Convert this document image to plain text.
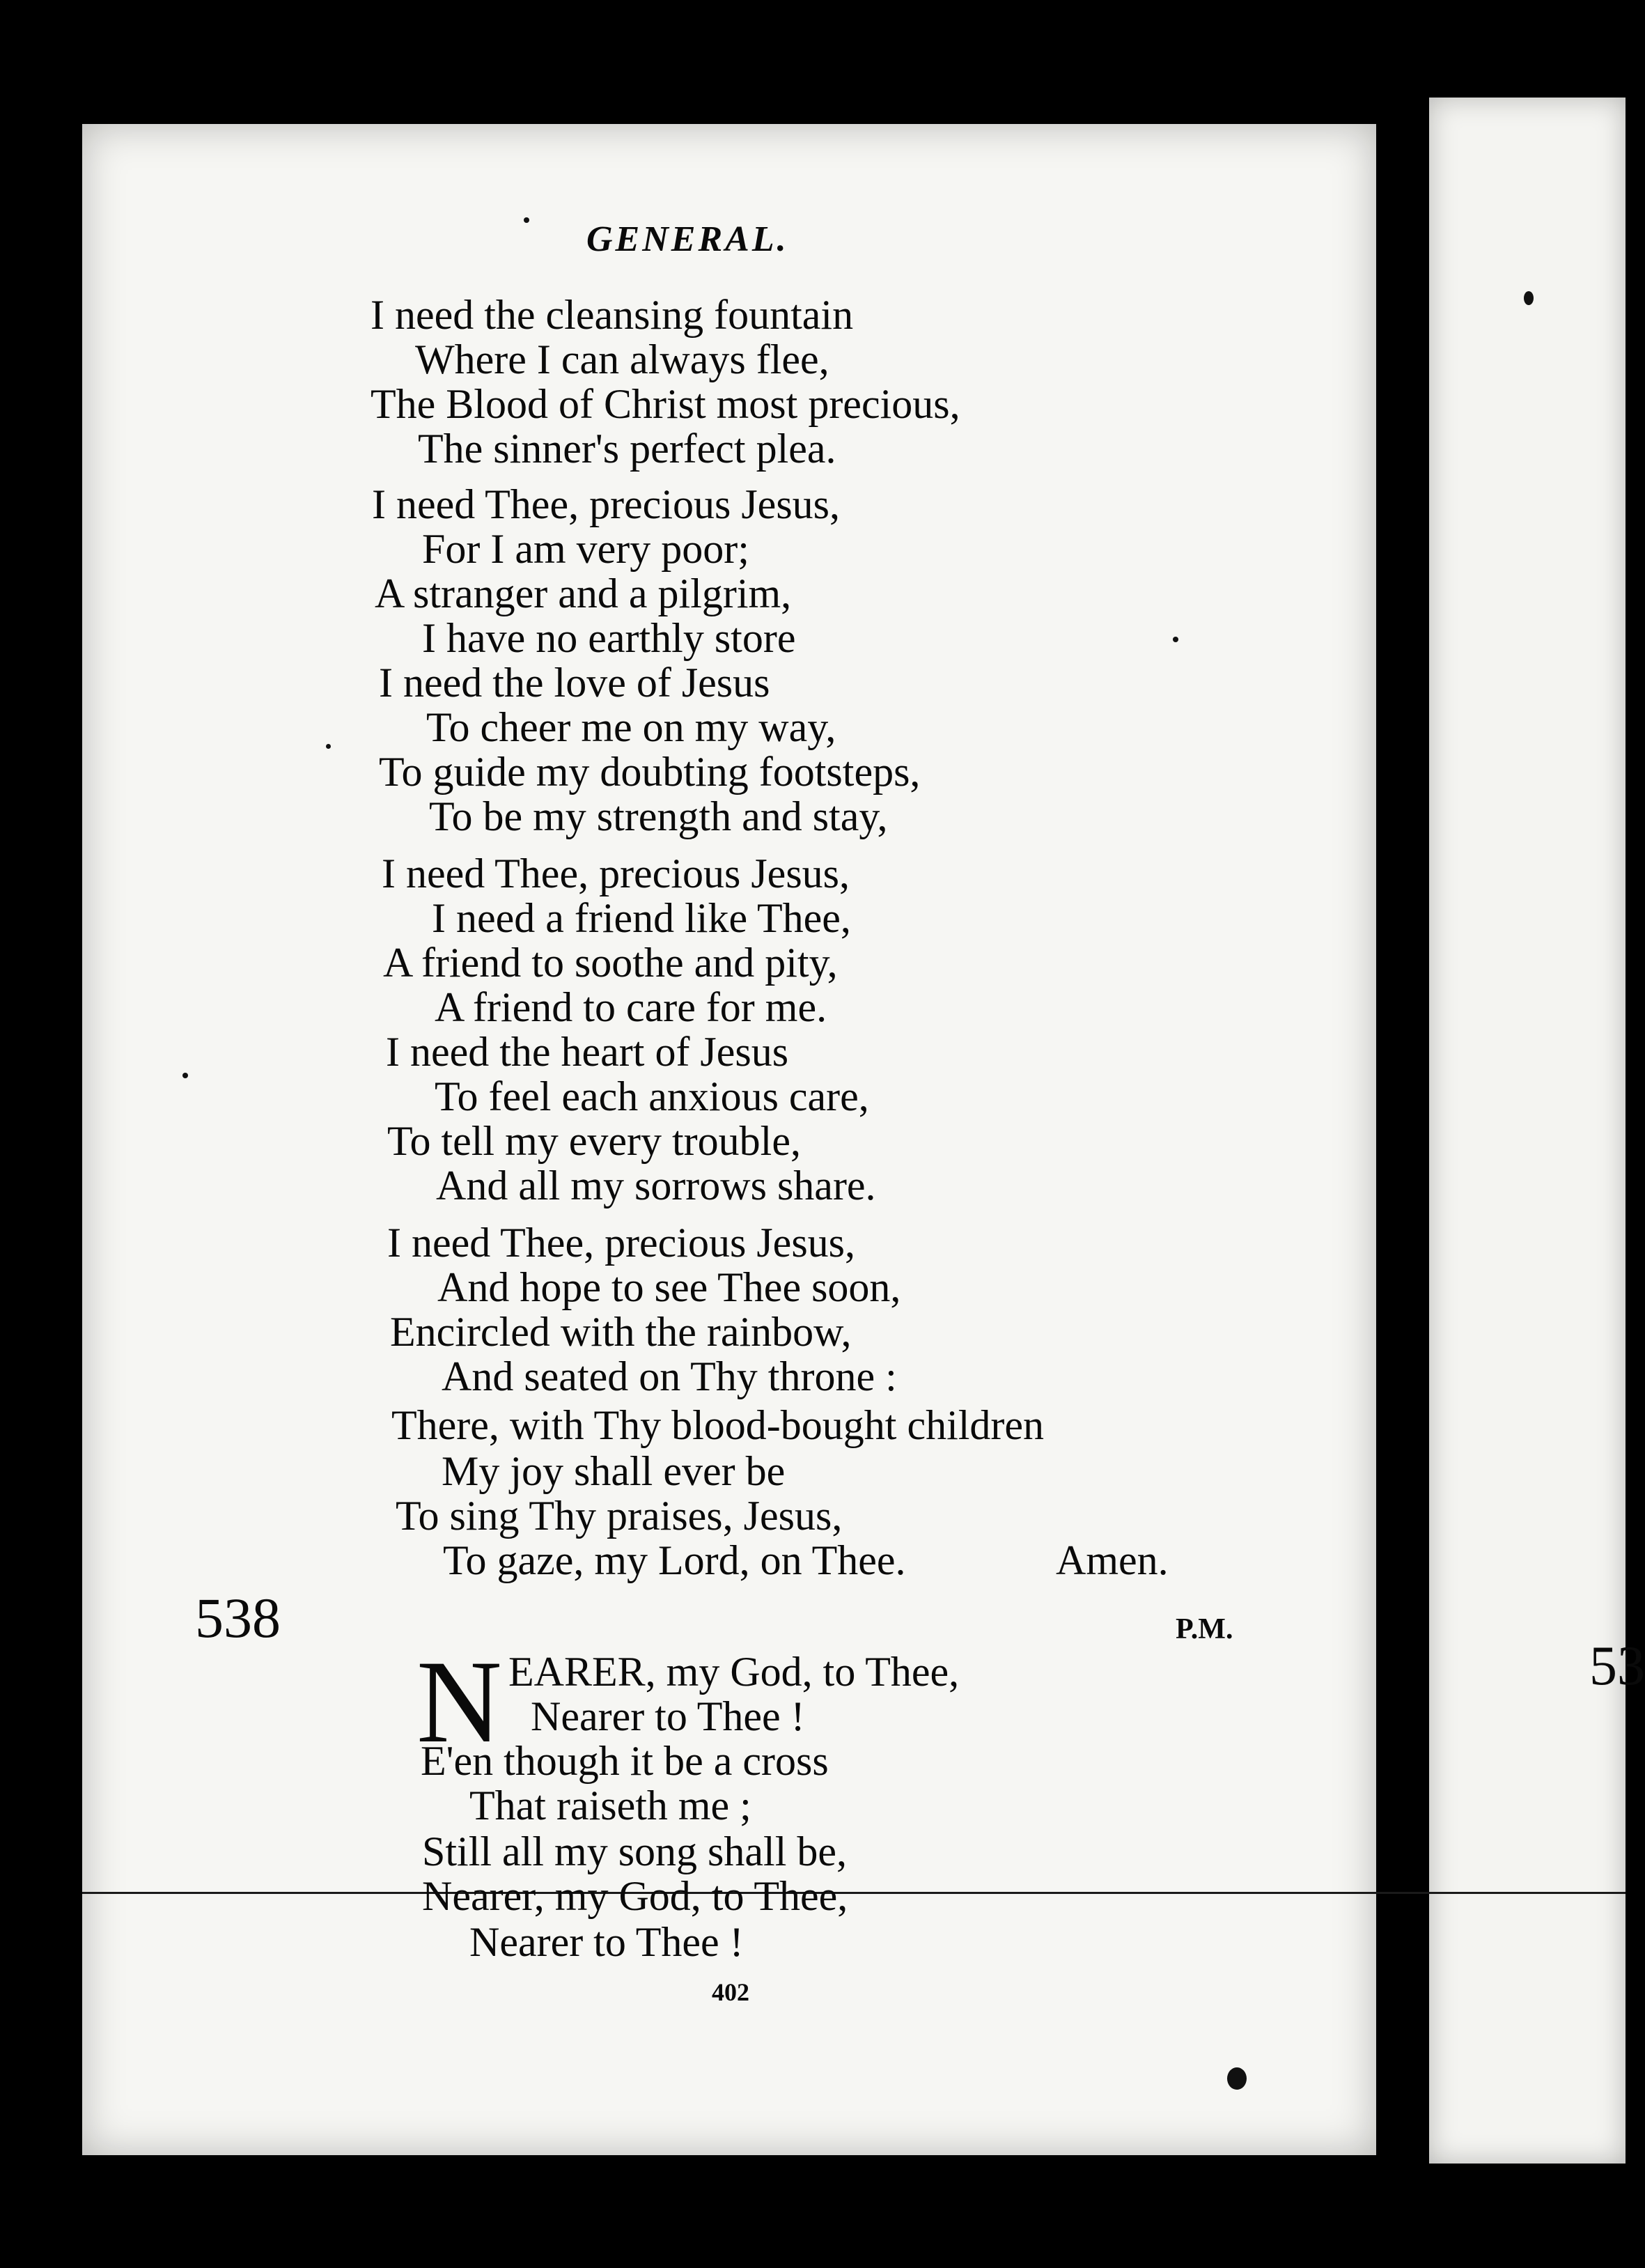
53
GENERAL.
I need the cleansing fountain
Where I can always flee,
The Blood of Christ most precious,
The sinner's perfect plea.
I need Thee, precious Jesus,
For I am very poor;
A stranger and a pilgrim,
I have no earthly store
I need the love of Jesus
To cheer me on my way,
To guide my doubting footsteps,
To be my strength and stay,
I need Thee, precious Jesus,
I need a friend like Thee,
A friend to soothe and pity,
A friend to care for me.
I need the heart of Jesus
To feel each anxious care,
To tell my every trouble,
And all my sorrows share.
I need Thee, precious Jesus,
And hope to see Thee soon,
Encircled with the rainbow,
And seated on Thy throne :
There, with Thy blood-bought children
My joy shall ever be
To sing Thy praises, Jesus,
To gaze, my Lord, on Thee.	Amen.
538	P.M.
N EARER, my God, to Thee,
Nearer to Thee !
E'en though it be a cross
That raiseth me ;
Still all my song shall be,
Nearer, my God, to Thee,
Nearer to Thee !
402
